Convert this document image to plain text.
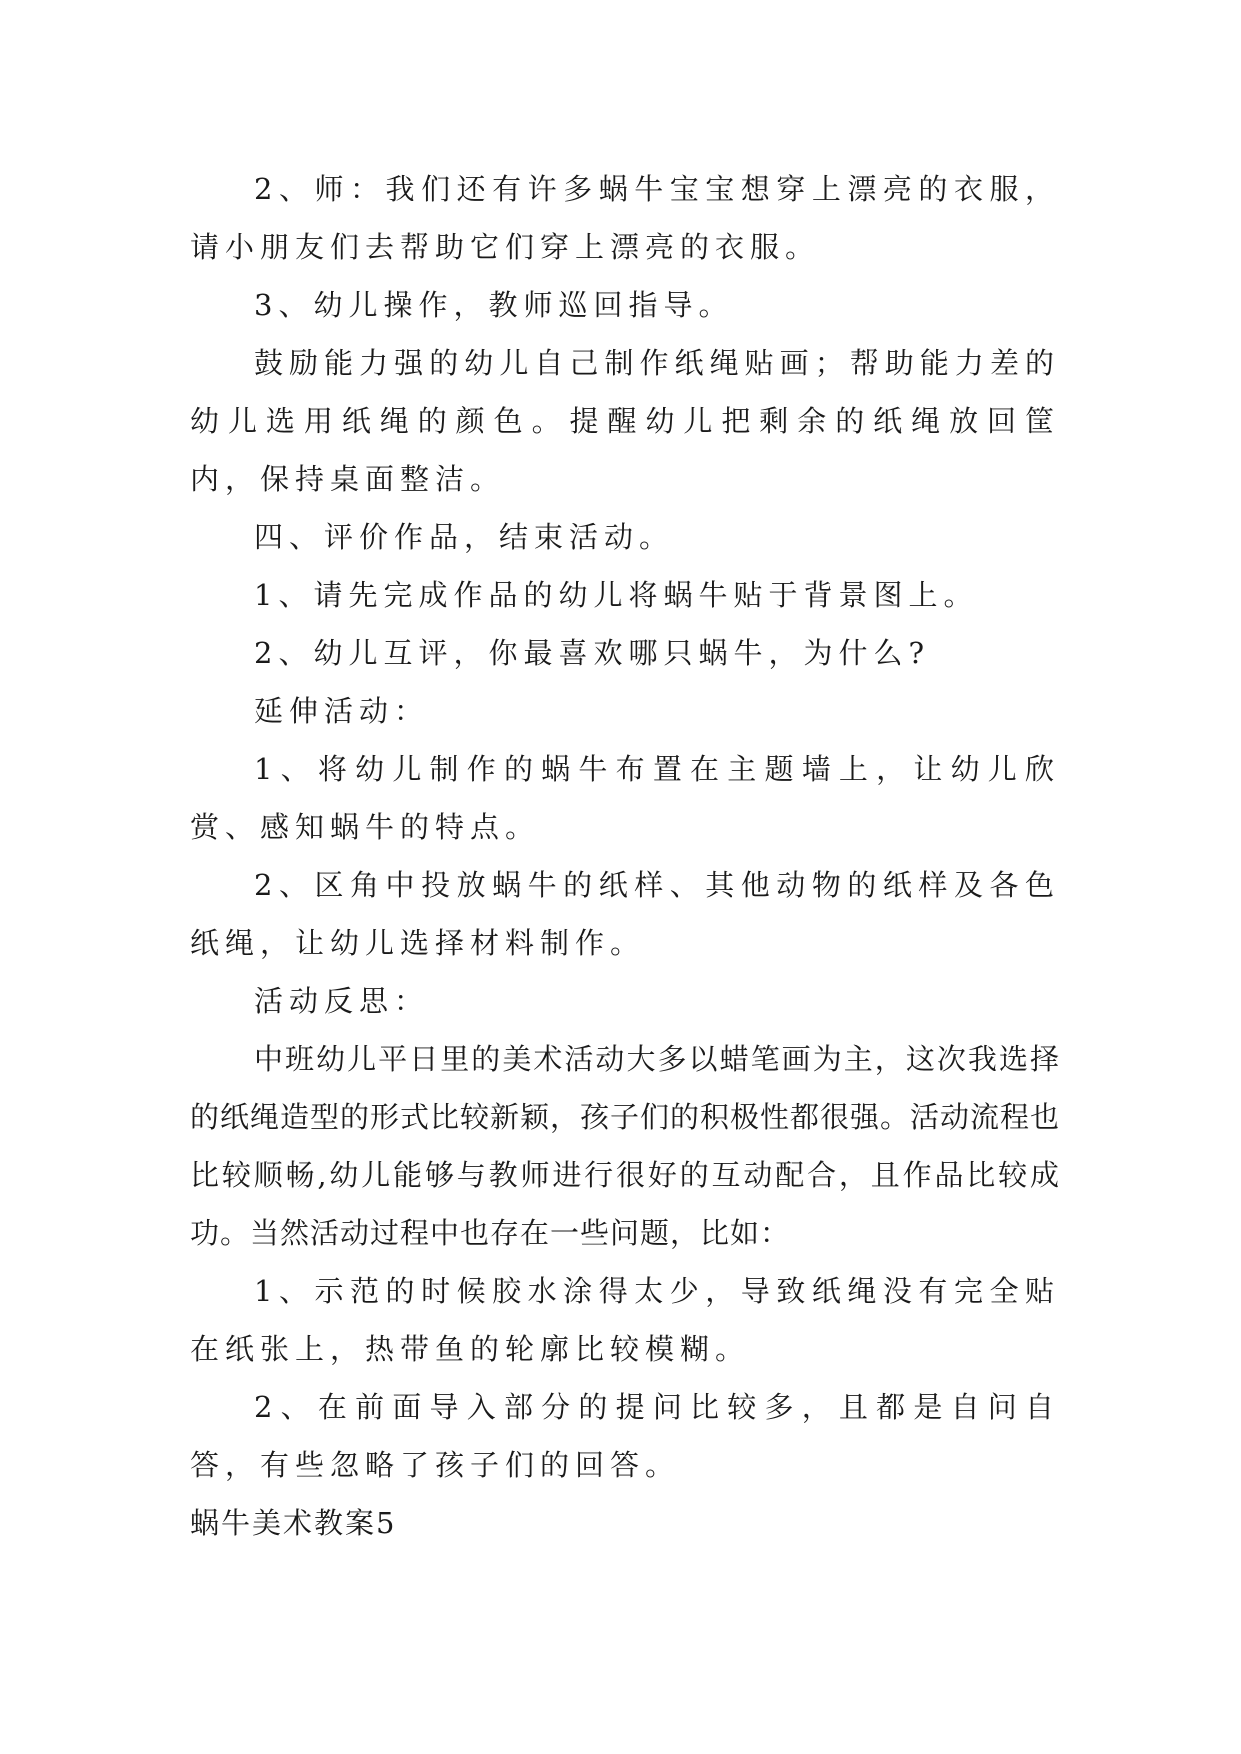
2、师：我们还有许多蜗牛宝宝想穿上漂亮的衣服，请小朋友们去帮助它们穿上漂亮的衣服。

3、幼儿操作，教师巡回指导。

鼓励能力强的幼儿自己制作纸绳贴画；帮助能力差的幼儿选用纸绳的颜色。提醒幼儿把剩余的纸绳放回筐内，保持桌面整洁。

四、评价作品，结束活动。

1、请先完成作品的幼儿将蜗牛贴于背景图上。

2、幼儿互评，你最喜欢哪只蜗牛，为什么?

延伸活动：

1、将幼儿制作的蜗牛布置在主题墙上，让幼儿欣赏、感知蜗牛的特点。

2、区角中投放蜗牛的纸样、其他动物的纸样及各色纸绳，让幼儿选择材料制作。

活动反思：

中班幼儿平日里的美术活动大多以蜡笔画为主，这次我选择的纸绳造型的形式比较新颖，孩子们的积极性都很强。活动流程也比较顺畅,幼儿能够与教师进行很好的互动配合，且作品比较成功。当然活动过程中也存在一些问题，比如：

1、示范的时候胶水涂得太少，导致纸绳没有完全贴在纸张上，热带鱼的轮廓比较模糊。

2、在前面导入部分的提问比较多，且都是自问自答，有些忽略了孩子们的回答。

蜗牛美术教案5
